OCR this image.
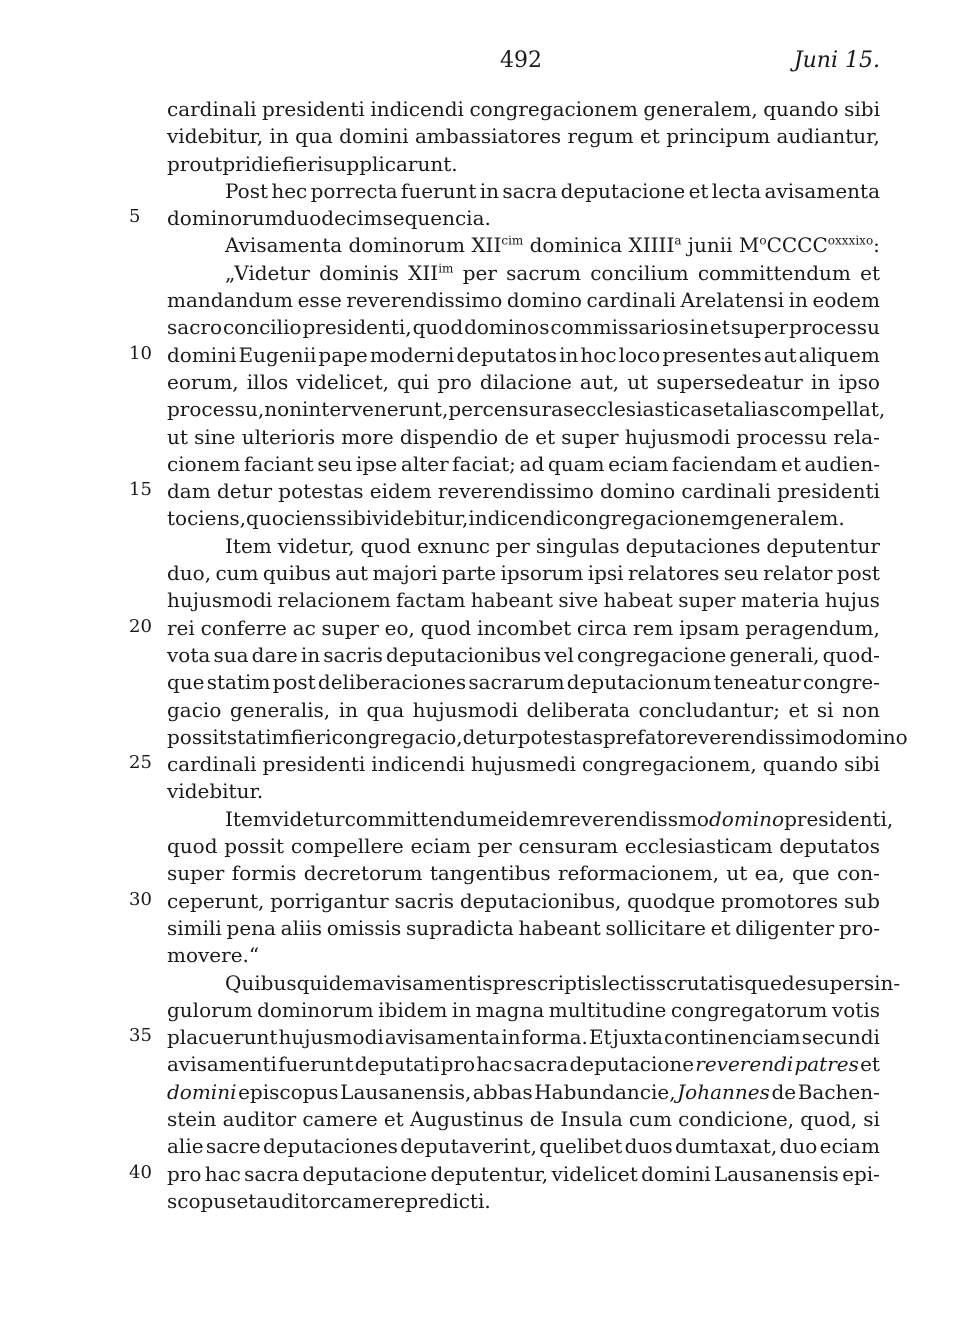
492	Juni 15.
cardinali presidenti indicendi congregacionem generalem, quando sibi
videbitur, in qua domini ambassiatores regum et principum audiantur,
prout pridie fieri supplicarunt.
Post hec porrecta fuerunt in sacra deputacione et lecta avisamenta
5	dominorum duodecim sequencia.
Avisamenta dominorum $XII^{cim}$ dominica XIIII$^a$ junii $M^oCCCC^{oxxxixo}$:
„Videtur dominis $XII^{im}$ per sacrum concilium committendum et
mandandum esse reverendissimo domino cardinali Arelatensi in eodem
sacro concilio presidenti, quod dominos commissarios in et super processu
10 domini Eugenii pape moderni deputatos in hoc loco presentes aut aliquem
eorum, illos videlicet, qui pro dilacione aut, ut supersedeatur in ipso
processu, non intervenerunt, per censuras ecclesiasticas et alias compellat,
ut sine ulterioris more dispendio de et super hujusmodi processu rela-
cionem faciant seu ipse alter faciat; ad quam eciam faciendam et audien-
15 dam detur potestas eidem reverendissimo domino cardinali presidenti
tociens, quociens sibi videbitur, indicendi congregacionem generalem.
Item videtur, quod exnunc per singulas deputaciones deputentur
duo, cum quibus aut majori parte ipsorum ipsi relatores seu relator post
hujusmodi relacionem factam habeant sive habeat super materia hujus
20 rei conferre ac super eo, quod incombet circa rem ipsam peragendum,
vota sua dare in sacris deputacionibus vel congregacione generali, quod-
que statim post deliberaciones sacrarum deputacionum teneatur congre-
gacio generalis, in qua hujusmodi deliberata concludantur; et si non
possit statim fieri congregacio, detur potestas prefato reverendissimo domino
25 cardinali presidenti indicendi hujusmedi congregacionem, quando sibi
videbitur.
Item videtur committendum eidem reverendissmo domino presidenti,
quod possit compellere eciam per censuram ecclesiasticam deputatos
super formis decretorum tangentibus reformacionem, ut ea, que con-
30 ceperunt, porrigantur sacris deputacionibus, quodque promotores sub
simili pena aliis omissis supradicta habeant sollicitare et diligenter pro-
movere.“
Quibus quidem avisamentis prescriptis lectis scrutatisque desuper sin-
gulorum dominorum ibidem in magna multitudine congregatorum votis
35 placuerunt hujusmodi avisamenta in forma. Et juxta continenciam secundi
avisamenti fuerunt deputati pro hac sacra deputacione reverendi patres et
domini episcopus Lausanensis, abbas Habundancie, Johannes de Bachen-
stein auditor camere et Augustinus de Insula cum condicione, quod, si
alie sacre deputaciones deputaverint, quelibet duos dumtaxat, duo eciam
40 pro hac sacra deputacione deputentur, videlicet domini Lausanensis epi-
scopus et auditor camere predicti.
